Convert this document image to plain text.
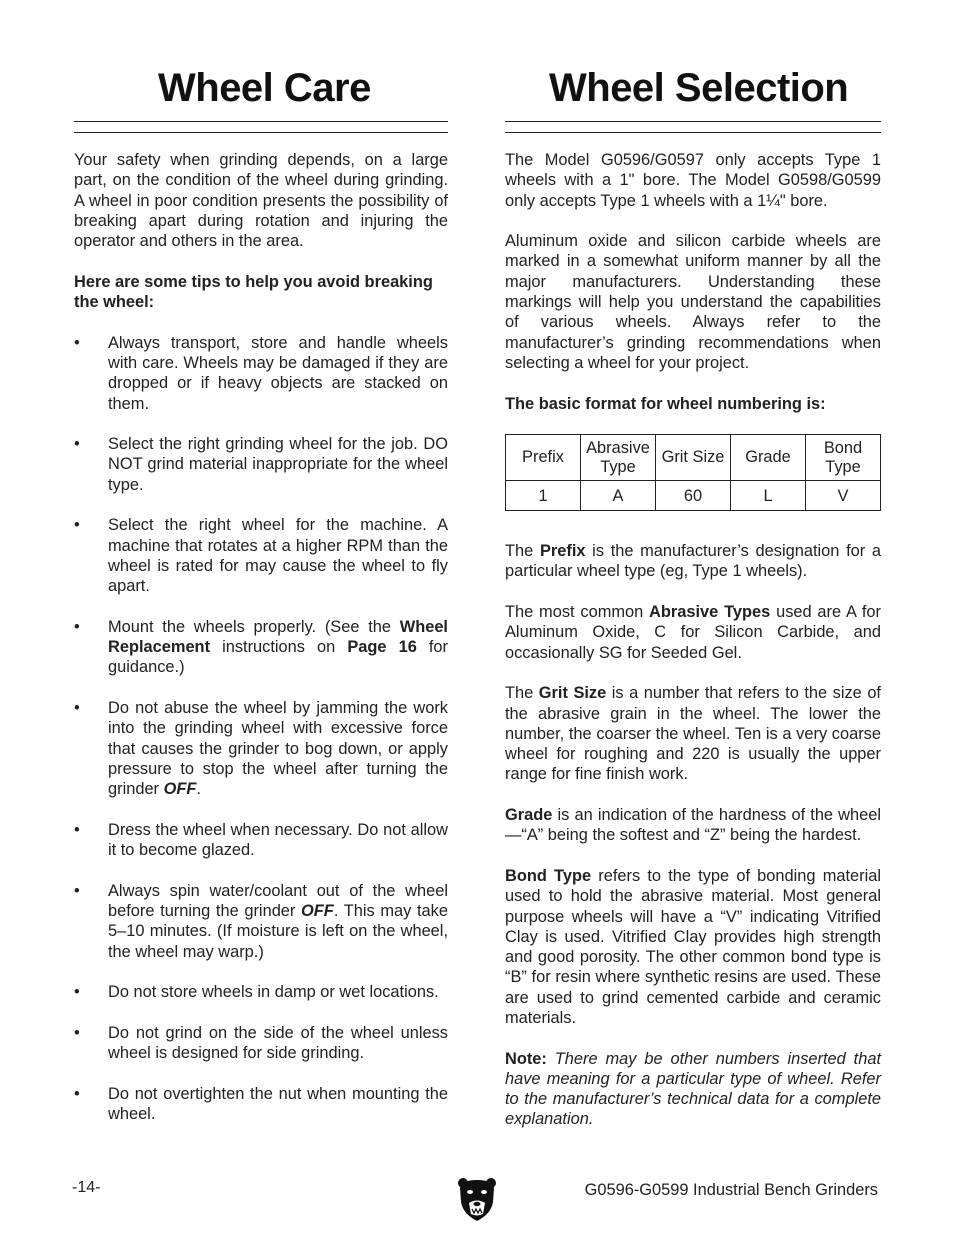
Wheel Care

Your safety when grinding depends, on a large part, on the condition of the wheel during grinding. A wheel in poor condition presents the possibility of breaking apart during rotation and injuring the operator and others in the area.

Here are some tips to help you avoid breaking the wheel:

• Always transport, store and handle wheels with care. Wheels may be damaged if they are dropped or if heavy objects are stacked on them.
• Select the right grinding wheel for the job. DO NOT grind material inappropriate for the wheel type.
• Select the right wheel for the machine. A machine that rotates at a higher RPM than the wheel is rated for may cause the wheel to fly apart.
• Mount the wheels properly. (See the Wheel Replacement instructions on Page 16 for guidance.)
• Do not abuse the wheel by jamming the work into the grinding wheel with excessive force that causes the grinder to bog down, or apply pressure to stop the wheel after turning the grinder OFF.
• Dress the wheel when necessary. Do not allow it to become glazed.
• Always spin water/coolant out of the wheel before turning the grinder OFF. This may take 5–10 minutes. (If moisture is left on the wheel, the wheel may warp.)
• Do not store wheels in damp or wet locations.
• Do not grind on the side of the wheel unless wheel is designed for side grinding.
• Do not overtighten the nut when mounting the wheel.
Wheel Selection

The Model G0596/G0597 only accepts Type 1 wheels with a 1" bore. The Model G0598/G0599 only accepts Type 1 wheels with a 1¼" bore.

Aluminum oxide and silicon carbide wheels are marked in a somewhat uniform manner by all the major manufacturers. Understanding these markings will help you understand the capabilities of various wheels. Always refer to the manufacturer’s grinding recommendations when selecting a wheel for your project.

The basic format for wheel numbering is:

Prefix	Abrasive Type	Grit Size	Grade	Bond Type
1	A	60	L	V

The Prefix is the manufacturer’s designation for a particular wheel type (eg, Type 1 wheels).

The most common Abrasive Types used are A for Aluminum Oxide, C for Silicon Carbide, and occasionally SG for Seeded Gel.

The Grit Size is a number that refers to the size of the abrasive grain in the wheel. The lower the number, the coarser the wheel. Ten is a very coarse wheel for roughing and 220 is usually the upper range for fine finish work.

Grade is an indication of the hardness of the wheel—“A” being the softest and “Z” being the hardest.

Bond Type refers to the type of bonding material used to hold the abrasive material. Most general purpose wheels will have a “V” indicating Vitrified Clay is used. Vitrified Clay provides high strength and good porosity. The other common bond type is “B” for resin where synthetic resins are used. These are used to grind cemented carbide and ceramic materials.

Note: There may be other numbers inserted that have meaning for a particular type of wheel. Refer to the manufacturer’s technical data for a complete explanation.

-14-	G0596-G0599 Industrial Bench Grinders
